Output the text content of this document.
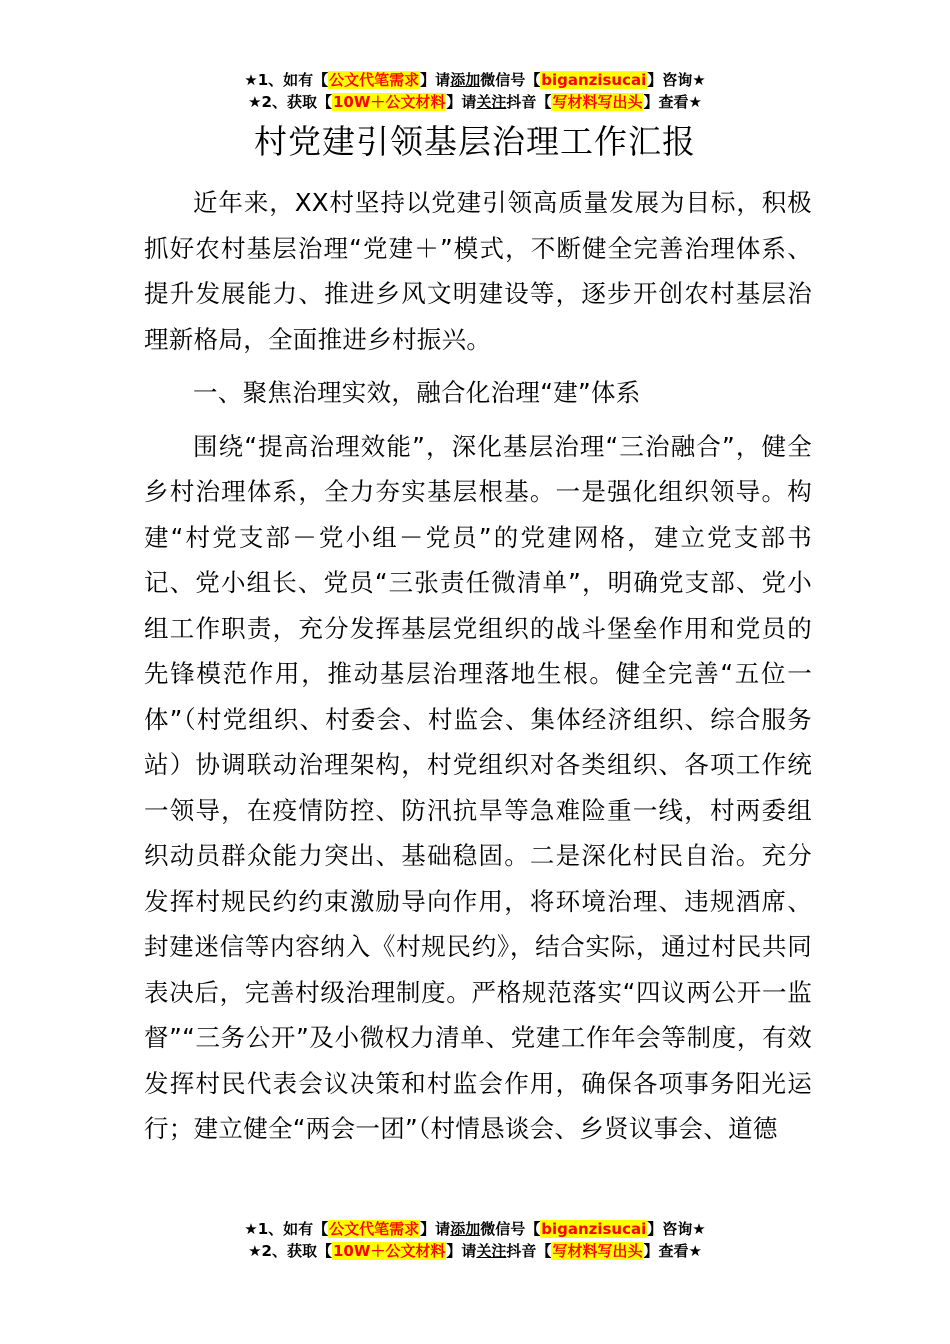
★1、如有【公文代笔需求】请添加微信号【biganzisucai】咨询★
★2、获取【10W＋公文材料】请关注抖音【写材料写出头】查看★
村党建引领基层治理工作汇报

近年来，XX村坚持以党建引领高质量发展为目标，积极抓好农村基层治理“党建＋”模式，不断健全完善治理体系、提升发展能力、推进乡风文明建设等，逐步开创农村基层治理新格局，全面推进乡村振兴。

一、聚焦治理实效，融合化治理“建”体系

围绕“提高治理效能”，深化基层治理“三治融合”，健全乡村治理体系，全力夯实基层根基。一是强化组织领导。构建“村党支部－党小组－党员”的党建网格，建立党支部书记、党小组长、党员“三张责任微清单”，明确党支部、党小组工作职责，充分发挥基层党组织的战斗堡垒作用和党员的先锋模范作用，推动基层治理落地生根。健全完善“五位一体”（村党组织、村委会、村监会、集体经济组织、综合服务站）协调联动治理架构，村党组织对各类组织、各项工作统一领导，在疫情防控、防汛抗旱等急难险重一线，村两委组织动员群众能力突出、基础稳固。二是深化村民自治。充分发挥村规民约约束激励导向作用，将环境治理、违规酒席、封建迷信等内容纳入《村规民约》，结合实际，通过村民共同表决后，完善村级治理制度。严格规范落实“四议两公开一监督”“三务公开”及小微权力清单、党建工作年会等制度，有效发挥村民代表会议决策和村监会作用，确保各项事务阳光运行；建立健全“两会一团”（村情恳谈会、乡贤议事会、道德

★1、如有【公文代笔需求】请添加微信号【biganzisucai】咨询★
★2、获取【10W＋公文材料】请关注抖音【写材料写出头】查看★
